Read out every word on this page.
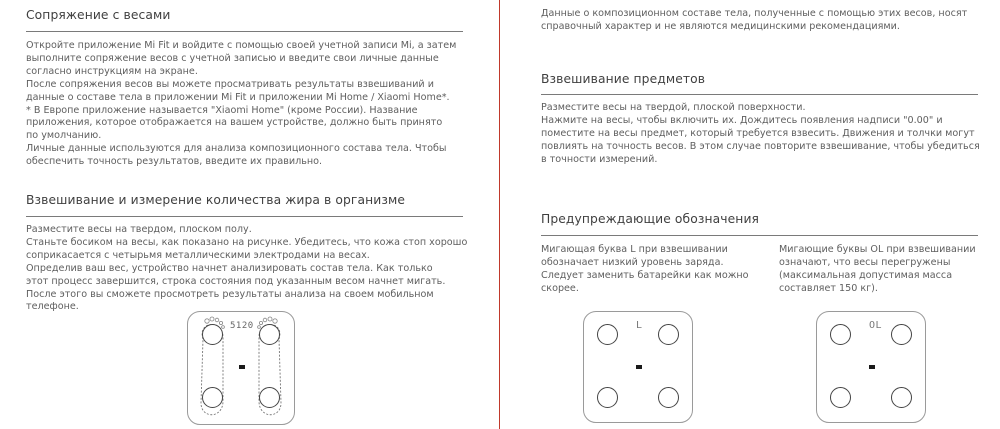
Сопряжение с весами
Откройте приложение Mi Fit и войдите с помощью своей учетной записи Mi, а затем
выполните сопряжение весов с учетной записью и введите свои личные данные
согласно инструкциям на экране.
После сопряжения весов вы можете просматривать результаты взвешиваний и
данные о составе тела в приложении Mi Fit и приложении Mi Home / Xiaomi Home*.
* В Европе приложение называется "Xiaomi Home" (кроме России). Название
приложения, которое отображается на вашем устройстве, должно быть принято
по умолчанию.
Личные данные используются для анализа композиционного состава тела. Чтобы
обеспечить точность результатов, введите их правильно.
Взвешивание и измерение количества жира в организме
Разместите весы на твердом, плоском полу.
Станьте босиком на весы, как показано на рисунке. Убедитесь, что кожа стоп хорошо
соприкасается с четырьмя металлическими электродами на весах.
Определив ваш вес, устройство начнет анализировать состав тела. Как только
этот процесс завершится, строка состояния под указанным весом начнет мигать.
После этого вы сможете просмотреть результаты анализа на своем мобильном
телефоне.
5120
Данные о композиционном составе тела, полученные с помощью этих весов, носят
справочный характер и не являются медицинскими рекомендациями.
Взвешивание предметов
Разместите весы на твердой, плоской поверхности.
Нажмите на весы, чтобы включить их. Дождитесь появления надписи "0.00" и
поместите на весы предмет, который требуется взвесить. Движения и толчки могут
повлиять на точность весов. В этом случае повторите взвешивание, чтобы убедиться
в точности измерений.
Предупреждающие обозначения
Мигающая буква L при взвешивании
обозначает низкий уровень заряда.
Следует заменить батарейки как можно
скорее.
Мигающие буквы OL при взвешивании
означают, что весы перегружены
(максимальная допустимая масса
составляет 150 кг).
L	OL
